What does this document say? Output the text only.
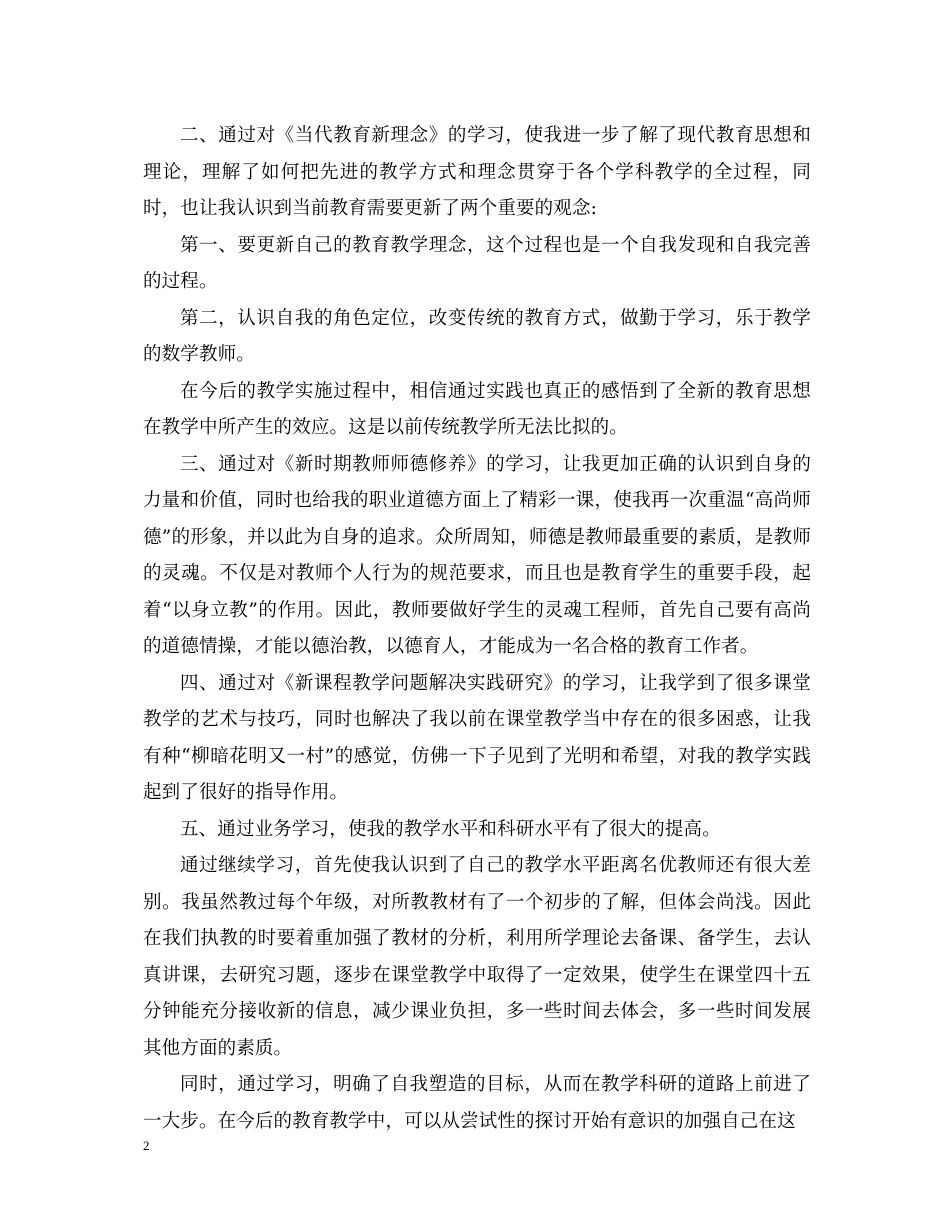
二、通过对《当代教育新理念》的学习，使我进一步了解了现代教育思想和理论，理解了如何把先进的教学方式和理念贯穿于各个学科教学的全过程，同时，也让我认识到当前教育需要更新了两个重要的观念:

第一、要更新自己的教育教学理念，这个过程也是一个自我发现和自我完善的过程。

第二，认识自我的角色定位，改变传统的教育方式，做勤于学习，乐于教学的数学教师。

在今后的教学实施过程中，相信通过实践也真正的感悟到了全新的教育思想在教学中所产生的效应。这是以前传统教学所无法比拟的。

三、通过对《新时期教师师德修养》的学习，让我更加正确的认识到自身的力量和价值，同时也给我的职业道德方面上了精彩一课，使我再一次重温“高尚师德”的形象，并以此为自身的追求。众所周知，师德是教师最重要的素质，是教师的灵魂。不仅是对教师个人行为的规范要求，而且也是教育学生的重要手段，起着“以身立教”的作用。因此，教师要做好学生的灵魂工程师，首先自己要有高尚的道德情操，才能以德治教，以德育人，才能成为一名合格的教育工作者。

四、通过对《新课程教学问题解决实践研究》的学习，让我学到了很多课堂教学的艺术与技巧，同时也解决了我以前在课堂教学当中存在的很多困惑，让我有种“柳暗花明又一村”的感觉，仿佛一下子见到了光明和希望，对我的教学实践起到了很好的指导作用。

五、通过业务学习，使我的教学水平和科研水平有了很大的提高。

通过继续学习，首先使我认识到了自己的教学水平距离名优教师还有很大差别。我虽然教过每个年级，对所教教材有了一个初步的了解，但体会尚浅。因此在我们执教的时要着重加强了教材的分析，利用所学理论去备课、备学生，去认真讲课，去研究习题，逐步在课堂教学中取得了一定效果，使学生在课堂四十五分钟能充分接收新的信息，减少课业负担，多一些时间去体会，多一些时间发展其他方面的素质。

同时，通过学习，明确了自我塑造的目标，从而在教学科研的道路上前进了一大步。在今后的教育教学中，可以从尝试性的探讨开始有意识的加强自己在这

2
